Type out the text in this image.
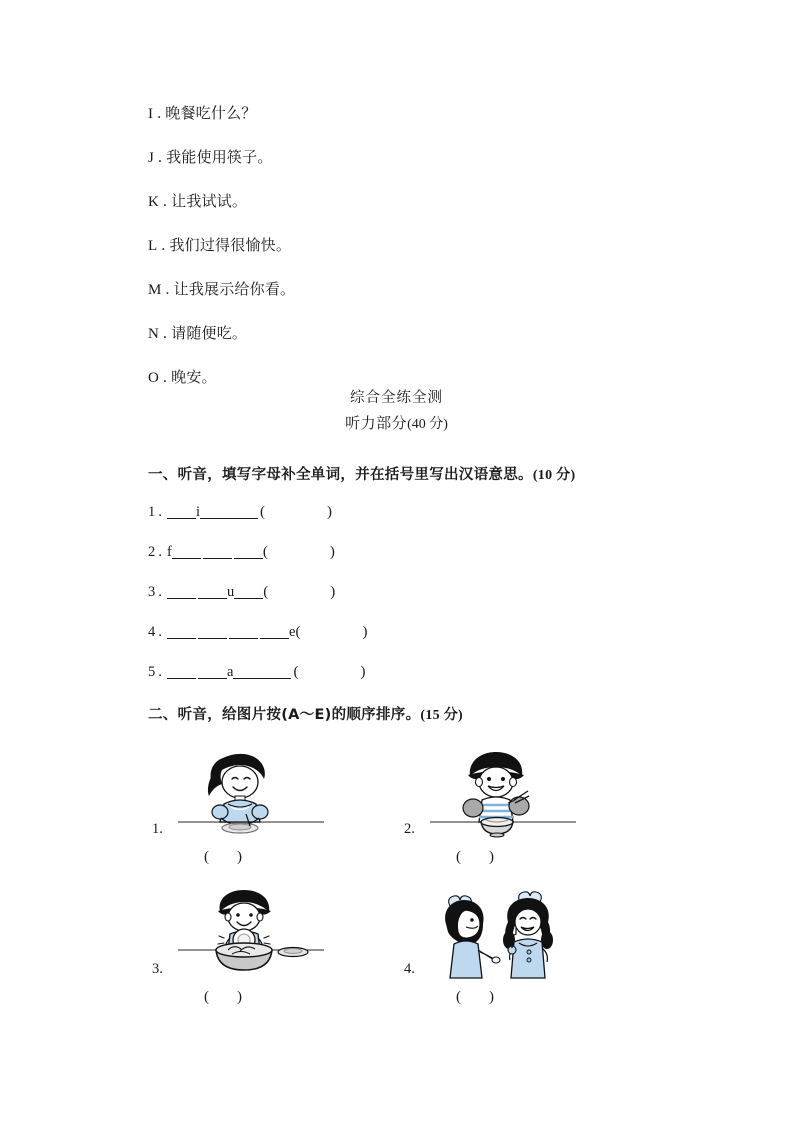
I . 晚餐吃什么？
J . 我能使用筷子。
K . 让我试试。
L . 我们过得很愉快。
M . 让我展示给你看。
N . 请随便吃。
O . 晚安。
综合全练全测
听力部分(40 分)
一、听音，填写字母补全单词，并在括号里写出汉语意思。(10 分)
1 . i	(	)
2 . f	(	)
3 .	u (	)
4 .	e(	)
5 .	a	(	)
二、听音，给图片按(A～E)的顺序排序。(15 分)
1.
( )
2.
( )
3.
( )
4.
( )
